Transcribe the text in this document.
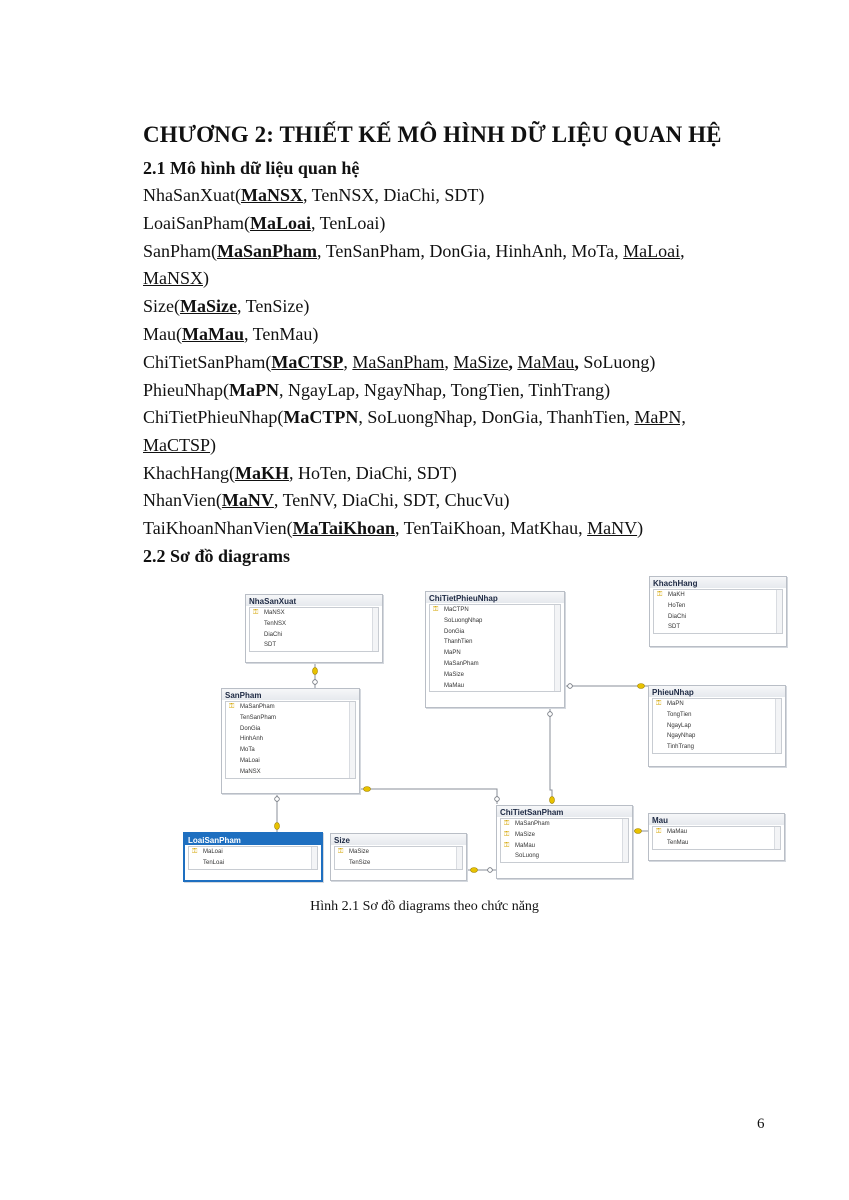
CHƯƠNG 2: THIẾT KẾ MÔ HÌNH DỮ LIỆU QUAN HỆ
2.1 Mô hình dữ liệu quan hệ
NhaSanXuat(MaNSX, TenNSX, DiaChi, SDT)
LoaiSanPham(MaLoai, TenLoai)
SanPham(MaSanPham, TenSanPham, DonGia, HinhAnh, MoTa, MaLoai,
MaNSX)
Size(MaSize, TenSize)
Mau(MaMau, TenMau)
ChiTietSanPham(MaCTSP, MaSanPham, MaSize, MaMau, SoLuong)
PhieuNhap(MaPN, NgayLap, NgayNhap, TongTien, TinhTrang)
ChiTietPhieuNhap(MaCTPN, SoLuongNhap, DonGia, ThanhTien, MaPN,
MaCTSP)
KhachHang(MaKH, HoTen, DiaChi, SDT)
NhanVien(MaNV, TenNV, DiaChi, SDT, ChucVu)
TaiKhoanNhanVien(MaTaiKhoan, TenTaiKhoan, MatKhau, MaNV)
2.2 Sơ đồ diagrams
NhaSanXuat
⚿ MaNSX
TenNSX
DiaChi
SDT
ChiTietPhieuNhap
⚿ MaCTPN
SoLuongNhap
DonGia
ThanhTien
MaPN
MaSanPham
MaSize
MaMau
KhachHang
⚿ MaKH
HoTen
DiaChi
SDT
SanPham
⚿ MaSanPham
TenSanPham
DonGia
HinhAnh
MoTa
MaLoai
MaNSX
PhieuNhap
⚿ MaPN
TongTien
NgayLap
NgayNhap
TinhTrang
ChiTietSanPham
⚿ MaSanPham
⚿ MaSize
⚿ MaMau
SoLuong
Mau
⚿ MaMau
TenMau
LoaiSanPham
⚿ MaLoai
TenLoai
Size
⚿ MaSize
TenSize
Hình 2.1 Sơ đồ diagrams theo chức năng
6
